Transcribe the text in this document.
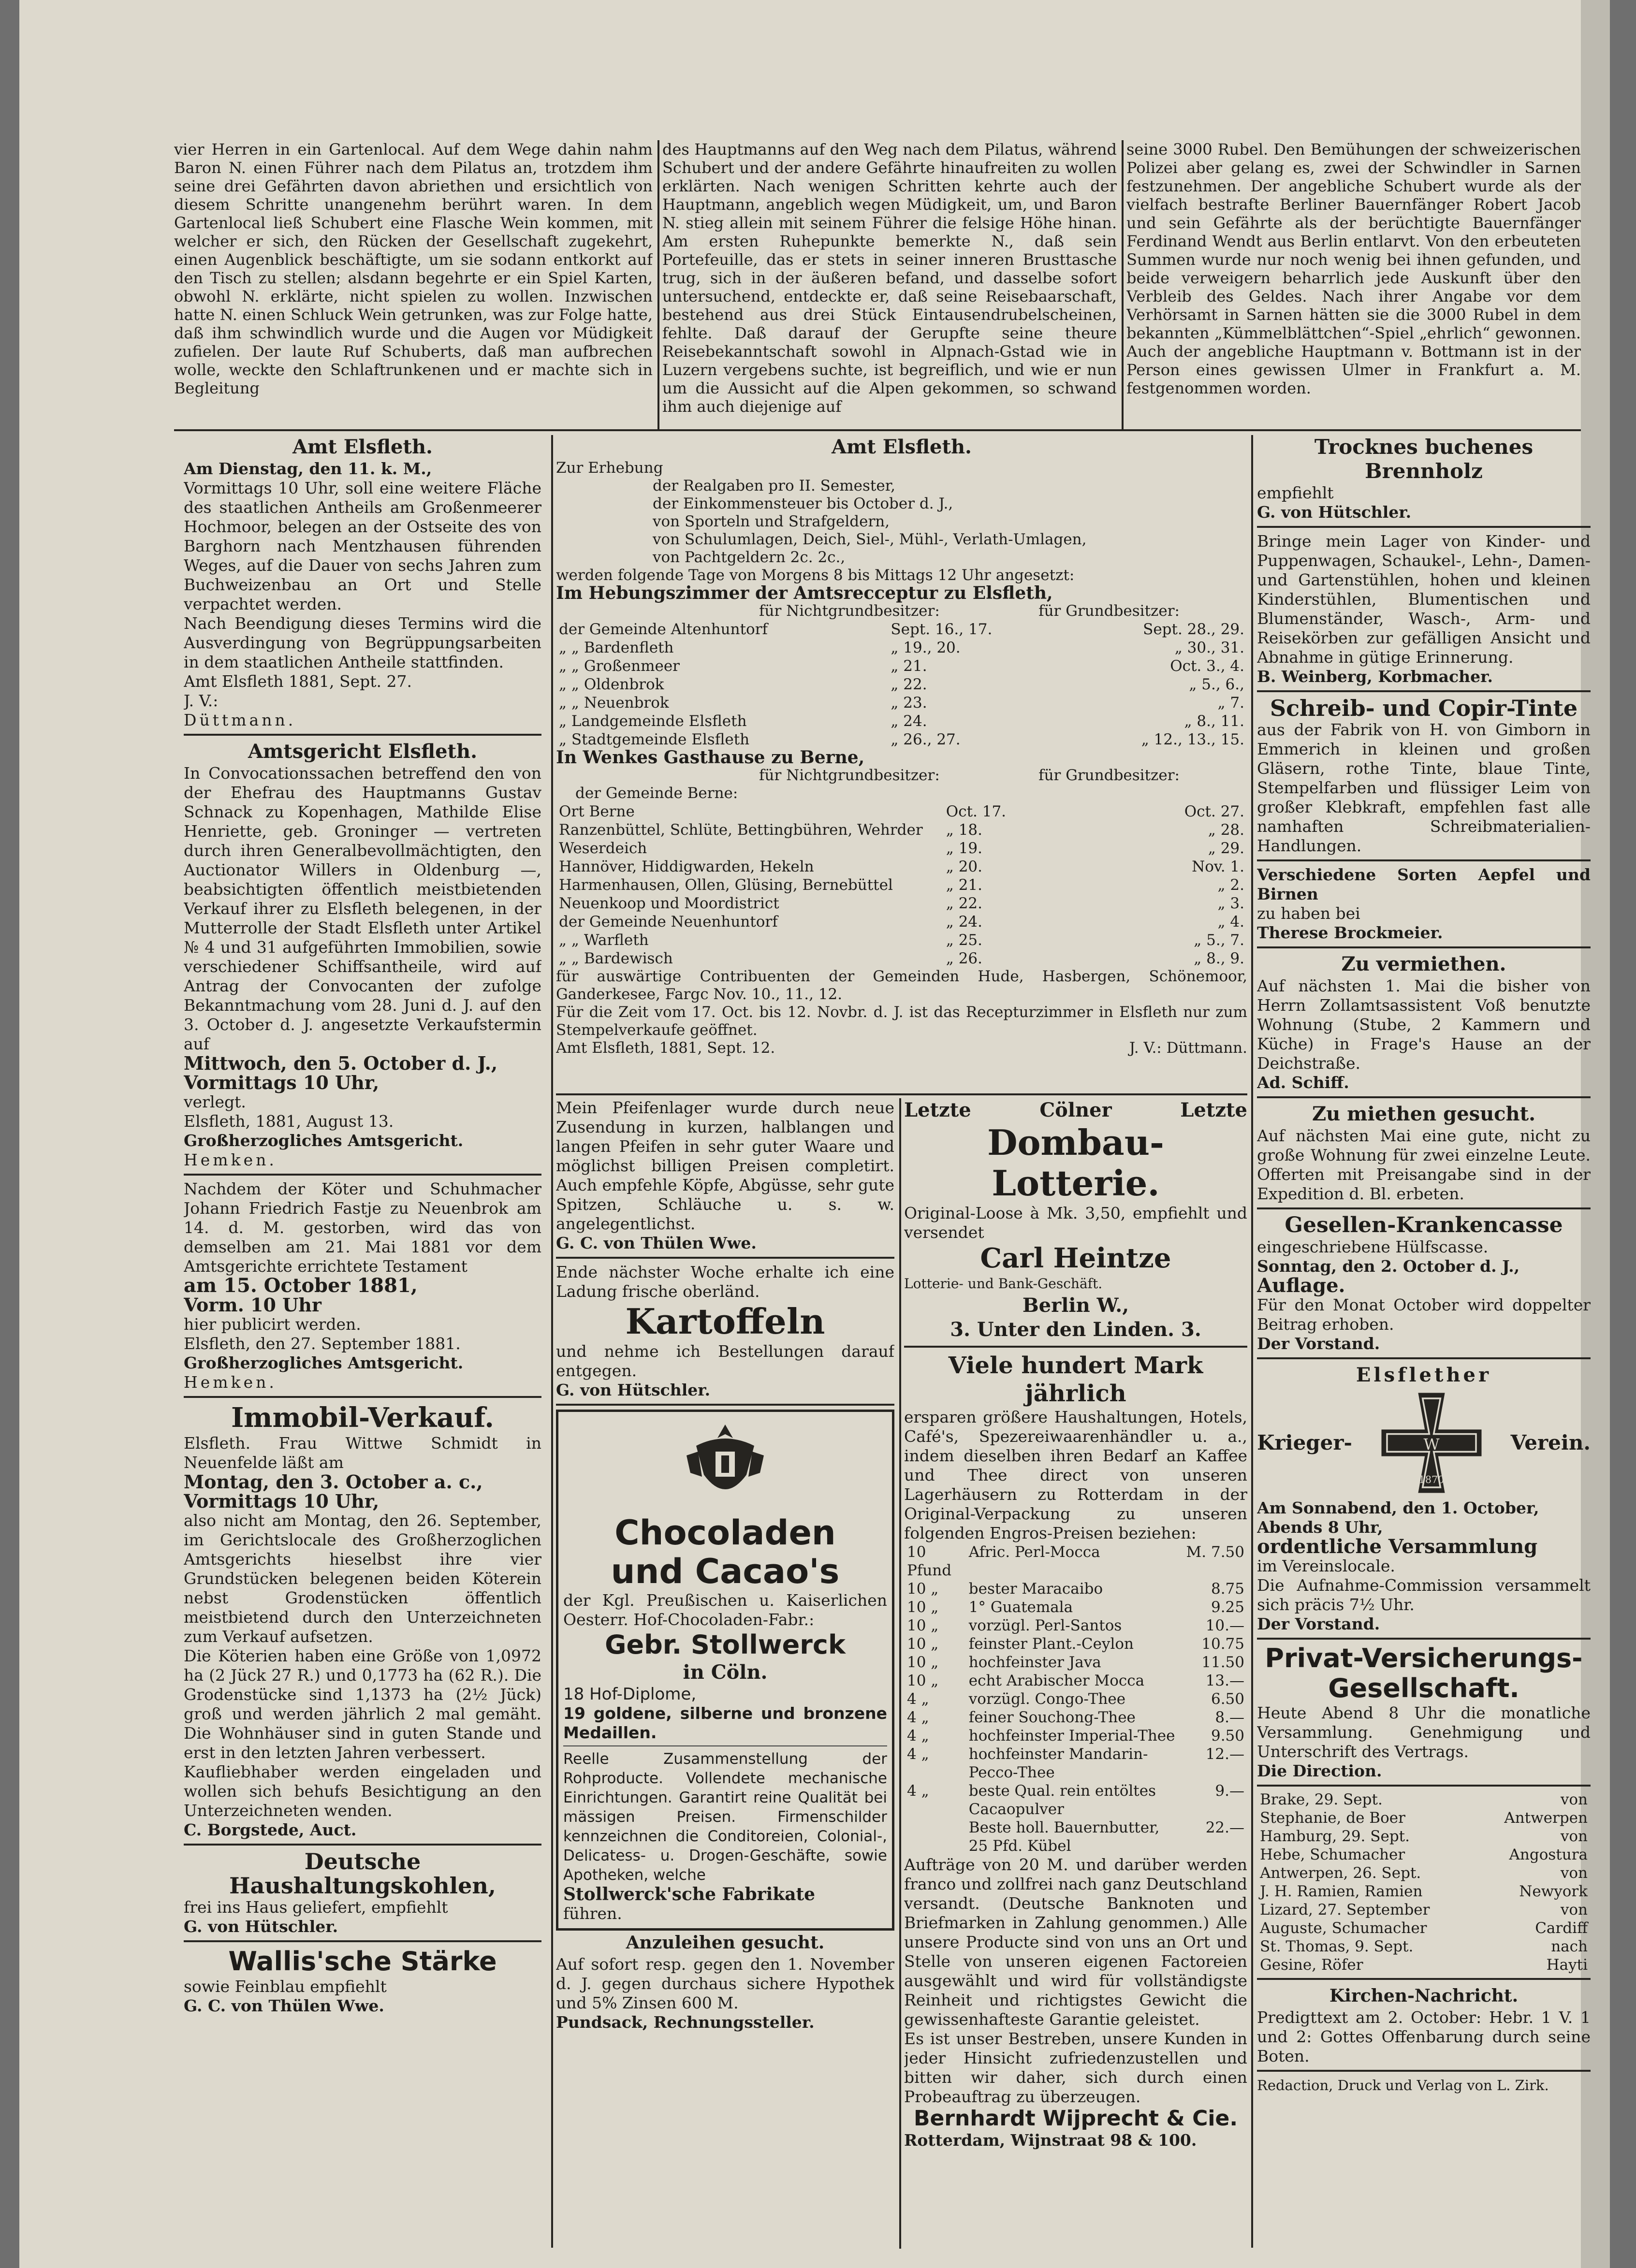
vier Herren in ein Gartenlocal. Auf dem Wege dahin nahm Baron N. einen Führer nach dem Pilatus an, trotzdem ihm seine drei Gefährten davon abriethen und ersichtlich von diesem Schritte unangenehm berührt waren. In dem Gartenlocal ließ Schubert eine Flasche Wein kommen, mit welcher er sich, den Rücken der Gesellschaft zugekehrt, einen Augenblick beschäftigte, um sie sodann entkorkt auf den Tisch zu stellen; alsdann begehrte er ein Spiel Karten, obwohl N. erklärte, nicht spielen zu wollen. Inzwischen hatte N. einen Schluck Wein getrunken, was zur Folge hatte, daß ihm schwindlich wurde und die Augen vor Müdigkeit zufielen. Der laute Ruf Schuberts, daß man aufbrechen wolle, weckte den Schlaftrunkenen und er machte sich in Begleitung

des Hauptmanns auf den Weg nach dem Pilatus, während Schubert und der andere Gefährte hinaufreiten zu wollen erklärten. Nach wenigen Schritten kehrte auch der Hauptmann, angeblich wegen Müdigkeit, um, und Baron N. stieg allein mit seinem Führer die felsige Höhe hinan. Am ersten Ruhepunkte bemerkte N., daß sein Portefeuille, das er stets in seiner inneren Brusttasche trug, sich in der äußeren befand, und dasselbe sofort untersuchend, entdeckte er, daß seine Reisebaarschaft, bestehend aus drei Stück Eintausendrubelscheinen, fehlte. Daß darauf der Gerupfte seine theure Reisebekanntschaft sowohl in Alpnach-Gstad wie in Luzern vergebens suchte, ist begreiflich, und wie er nun um die Aussicht auf die Alpen gekommen, so schwand ihm auch diejenige auf

seine 3000 Rubel. Den Bemühungen der schweizerischen Polizei aber gelang es, zwei der Schwindler in Sarnen festzunehmen. Der angebliche Schubert wurde als der vielfach bestrafte Berliner Bauernfänger Robert Jacob und sein Gefährte als der berüchtigte Bauernfänger Ferdinand Wendt aus Berlin entlarvt. Von den erbeuteten Summen wurde nur noch wenig bei ihnen gefunden, und beide verweigern beharrlich jede Auskunft über den Verbleib des Geldes. Nach ihrer Angabe vor dem Verhörsamt in Sarnen hätten sie die 3000 Rubel in dem bekannten „Kümmelblättchen“-Spiel „ehrlich“ gewonnen. Auch der angebliche Hauptmann v. Bottmann ist in der Person eines gewissen Ulmer in Frankfurt a. M. festgenommen worden.

Amt Elsfleth.

Am Dienstag, den 11. k. M.,

Vormittags 10 Uhr, soll eine weitere Fläche des staatlichen Antheils am Großenmeerer Hochmoor, belegen an der Ostseite des von Barghorn nach Mentzhausen führenden Weges, auf die Dauer von sechs Jahren zum Buchweizenbau an Ort und Stelle verpachtet werden.

Nach Beendigung dieses Termins wird die Ausverdingung von Begrüppungsarbeiten in dem staatlichen Antheile stattfinden.

Amt Elsfleth 1881, Sept. 27.

J. V.:

Düttmann.

Amtsgericht Elsfleth.

In Convocationssachen betreffend den von der Ehefrau des Hauptmanns Gustav Schnack zu Kopenhagen, Mathilde Elise Henriette, geb. Groninger — vertreten durch ihren Generalbevollmächtigten, den Auctionator Willers in Oldenburg —, beabsichtigten öffentlich meistbietenden Verkauf ihrer zu Elsfleth belegenen, in der Mutterrolle der Stadt Elsfleth unter Artikel № 4 und 31 aufgeführten Immobilien, sowie verschiedener Schiffsantheile, wird auf Antrag der Convocanten der zufolge Bekanntmachung vom 28. Juni d. J. auf den 3. October d. J. angesetzte Verkaufstermin auf

Mittwoch, den 5. October d. J.,

Vormittags 10 Uhr,

verlegt.

Elsfleth, 1881, August 13.

Großherzogliches Amtsgericht.

Hemken.

Nachdem der Köter und Schuhmacher Johann Friedrich Fastje zu Neuenbrok am 14. d. M. gestorben, wird das von demselben am 21. Mai 1881 vor dem Amtsgerichte errichtete Testament

am 15. October 1881,

Vorm. 10 Uhr

hier publicirt werden.

Elsfleth, den 27. September 1881.

Großherzogliches Amtsgericht.

Hemken.

Immobil-Verkauf.

Elsfleth. Frau Wittwe Schmidt in Neuenfelde läßt am

Montag, den 3. October a. c.,

Vormittags 10 Uhr,

also nicht am Montag, den 26. September, im Gerichtslocale des Großherzoglichen Amtsgerichts hieselbst ihre vier Grundstücken belegenen beiden Köterein nebst Grodenstücken öffentlich meistbietend durch den Unterzeichneten zum Verkauf aufsetzen.

Die Köterien haben eine Größe von 1,0972 ha (2 Jück 27 R.) und 0,1773 ha (62 R.). Die Grodenstücke sind 1,1373 ha (2½ Jück) groß und werden jährlich 2 mal gemäht. Die Wohnhäuser sind in guten Stande und erst in den letzten Jahren verbessert.

Kaufliebhaber werden eingeladen und wollen sich behufs Besichtigung an den Unterzeichneten wenden.

C. Borgstede, Auct.

Deutsche Haushaltungskohlen,

frei ins Haus geliefert, empfiehlt

G. von Hütschler.

Wallis'sche Stärke

sowie Feinblau empfiehlt

G. C. von Thülen Wwe.

Amt Elsfleth.

Zur Erhebung

der Realgaben pro II. Semester,

der Einkommensteuer bis October d. J.,

von Sporteln und Strafgeldern,

von Schulumlagen, Deich, Siel-, Mühl-, Verlath-Umlagen,

von Pachtgeldern 2c. 2c.,

werden folgende Tage von Morgens 8 bis Mittags 12 Uhr angesetzt:

Im Hebungszimmer der Amtsrecceptur zu Elsfleth,

für Nichtgrundbesitzer:	für Grundbesitzer:
der Gemeinde Altenhuntorf	Sept. 16., 17.	Sept. 28., 29.
„ „ Bardenfleth	„ 19., 20.	„ 30., 31.
„ „ Großenmeer	„ 21.	Oct. 3., 4.
„ „ Oldenbrok	„ 22.	„ 5., 6.,
„ „ Neuenbrok	„ 23.	„ 7.
„ Landgemeinde Elsfleth	„ 24.	„ 8., 11.
„ Stadtgemeinde Elsfleth	„ 26., 27.	„ 12., 13., 15.

In Wenkes Gasthause zu Berne,

für Nichtgrundbesitzer:	für Grundbesitzer:

der Gemeinde Berne:

Ort Berne	Oct. 17.	Oct. 27.
Ranzenbüttel, Schlüte, Bettingbühren, Wehrder	„ 18.	„ 28.
Weserdeich	„ 19.	„ 29.
Hannöver, Hiddigwarden, Hekeln	„ 20.	Nov. 1.
Harmenhausen, Ollen, Glüsing, Bernebüttel	„ 21.	„ 2.
Neuenkoop und Moordistrict	„ 22.	„ 3.
der Gemeinde Neuenhuntorf	„ 24.	„ 4.
„ „ Warfleth	„ 25.	„ 5., 7.
„ „ Bardewisch	„ 26.	„ 8., 9.

für auswärtige Contribuenten der Gemeinden Hude, Hasbergen, Schönemoor, Ganderkesee, Fargc Nov. 10., 11., 12.

Für die Zeit vom 17. Oct. bis 12. Novbr. d. J. ist das Recepturzimmer in Elsfleth nur zum Stempelverkaufe geöffnet.

Amt Elsfleth, 1881, Sept. 12.	J. V.: Düttmann.

Mein Pfeifenlager wurde durch neue Zusendung in kurzen, halblangen und langen Pfeifen in sehr guter Waare und möglichst billigen Preisen completirt. Auch empfehle Köpfe, Abgüsse, sehr gute Spitzen, Schläuche u. s. w. angelegentlichst.

G. C. von Thülen Wwe.

Ende nächster Woche erhalte ich eine Ladung frische oberländ.

Kartoffeln

und nehme ich Bestellungen darauf entgegen.

G. von Hütschler.

Chocoladen
und Cacao's

der Kgl. Preußischen u. Kaiserlichen Oesterr. Hof-Chocoladen-Fabr.:

Gebr. Stollwerck
in Cöln.

18 Hof-Diplome,

19 goldene, silberne und bronzene Medaillen.

Reelle Zusammenstellung der Rohproducte. Vollendete mechanische Einrichtungen. Garantirt reine Qualität bei mässigen Preisen. Firmenschilder kennzeichnen die Conditoreien, Colonial-, Delicatess- u. Drogen-Geschäfte, sowie Apotheken, welche

Stollwerck'sche Fabrikate

führen.

Anzuleihen gesucht.

Auf sofort resp. gegen den 1. November d. J. gegen durchaus sichere Hypothek und 5% Zinsen 600 M.

Pundsack, Rechnungssteller.

Letzte	Cölner	Letzte
Dombau-Lotterie.

Original-Loose à Mk. 3,50, empfiehlt und versendet

Carl Heintze

Lotterie- und Bank-Geschäft.

Berlin W.,
3. Unter den Linden. 3.
Viele hundert Mark jährlich

ersparen größere Haushaltungen, Hotels, Café's, Spezereiwaarenhändler u. a., indem dieselben ihren Bedarf an Kaffee und Thee direct von unseren Lagerhäusern zu Rotterdam in der Original-Verpackung zu unseren folgenden Engros-Preisen beziehen:

10 Pfund	Afric. Perl-Mocca	M. 7.50
10 „	bester Maracaibo	8.75
10 „	1° Guatemala	9.25
10 „	vorzügl. Perl-Santos	10.—
10 „	feinster Plant.-Ceylon	10.75
10 „	hochfeinster Java	11.50
10 „	echt Arabischer Mocca	13.—
4 „	vorzügl. Congo-Thee	6.50
4 „	feiner Souchong-Thee	8.—
4 „	hochfeinster Imperial-Thee	9.50
4 „	hochfeinster Mandarin-Pecco-Thee	12.—
4 „	beste Qual. rein entöltes Cacaopulver	9.—
	Beste holl. Bauernbutter, 25 Pfd. Kübel	22.—

Aufträge von 20 M. und darüber werden franco und zollfrei nach ganz Deutschland versandt. (Deutsche Banknoten und Briefmarken in Zahlung genommen.) Alle unsere Producte sind von uns an Ort und Stelle von unseren eigenen Factoreien ausgewählt und wird für vollständigste Reinheit und richtigstes Gewicht die gewissenhafteste Garantie geleistet.

Es ist unser Bestreben, unsere Kunden in jeder Hinsicht zufriedenzustellen und bitten wir daher, sich durch einen Probeauftrag zu überzeugen.

Bernhardt Wijprecht & Cie.

Rotterdam, Wijnstraat 98 & 100.

Trocknes buchenes Brennholz

empfiehlt

G. von Hütschler.

Bringe mein Lager von Kinder- und Puppenwagen, Schaukel-, Lehn-, Damen- und Gartenstühlen, hohen und kleinen Kinderstühlen, Blumentischen und Blumenständer, Wasch-, Arm- und Reisekörben zur gefälligen Ansicht und Abnahme in gütige Erinnerung.

B. Weinberg, Korbmacher.

Schreib- und Copir-Tinte

aus der Fabrik von H. von Gimborn in Emmerich in kleinen und großen Gläsern, rothe Tinte, blaue Tinte, Stempelfarben und flüssiger Leim von großer Klebkraft, empfehlen fast alle namhaften Schreibmaterialien-Handlungen.

Verschiedene Sorten Aepfel und Birnen

zu haben bei

Therese Brockmeier.

Zu vermiethen.

Auf nächsten 1. Mai die bisher von Herrn Zollamtsassistent Voß benutzte Wohnung (Stube, 2 Kammern und Küche) in Frage's Hause an der Deichstraße.

Ad. Schiff.

Zu miethen gesucht.

Auf nächsten Mai eine gute, nicht zu große Wohnung für zwei einzelne Leute. Offerten mit Preisangabe sind in der Expedition d. Bl. erbeten.

Gesellen-Krankencasse

eingeschriebene Hülfscasse.

Sonntag, den 2. October d. J.,

Auflage.

Für den Monat October wird doppelter Beitrag erhoben.

Der Vorstand.

Elsflether
Krieger-	W
1870
Verein.

Am Sonnabend, den 1. October,

Abends 8 Uhr,

ordentliche Versammlung

im Vereinslocale.

Die Aufnahme-Commission versammelt sich präcis 7½ Uhr.

Der Vorstand.

Privat-Versicherungs-Gesellschaft.

Heute Abend 8 Uhr die monatliche Versammlung. Genehmigung und Unterschrift des Vertrags.

Die Direction.

Brake, 29. Sept.	von
Stephanie, de Boer	Antwerpen
Hamburg, 29. Sept.	von
Hebe, Schumacher	Angostura
Antwerpen, 26. Sept.	von
J. H. Ramien, Ramien	Newyork
Lizard, 27. September	von
Auguste, Schumacher	Cardiff
St. Thomas, 9. Sept.	nach
Gesine, Röfer	Hayti
Kirchen-Nachricht.

Predigttext am 2. October: Hebr. 1 V. 1 und 2: Gottes Offenbarung durch seine Boten.

Redaction, Druck und Verlag von L. Zirk.
